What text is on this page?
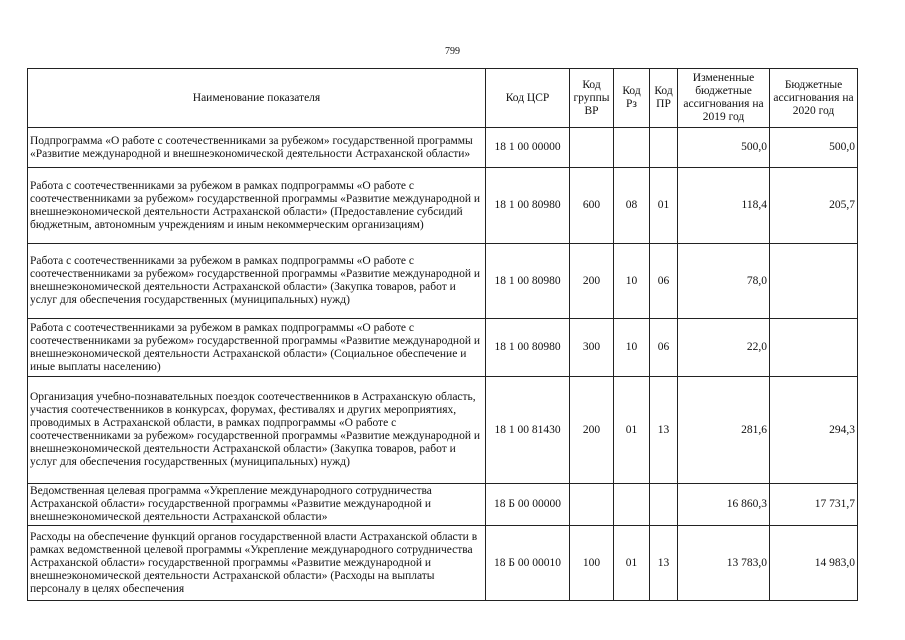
799
Наименование показателя	Код ЦСР	Код группы ВР	Код Рз	Код ПР	Измененные бюджетные ассигнования на 2019 год	Бюджетные ассигнования на 2020 год
Подпрограмма «О работе с соотечественниками за рубежом» государственной программы «Развитие международной и внешнеэкономической деятельности Астраханской области»	18 1 00 00000				500,0	500,0
Работа с соотечественниками за рубежом в рамках подпрограммы «О работе с соотечественниками за рубежом» государственной программы «Развитие международной и внешнеэкономической деятельности Астраханской области» (Предоставление субсидий бюджетным, автономным учреждениям и иным некоммерческим организациям)	18 1 00 80980	600	08	01	118,4	205,7
Работа с соотечественниками за рубежом в рамках подпрограммы «О работе с соотечественниками за рубежом» государственной программы «Развитие международной и внешнеэкономической деятельности Астраханской области» (Закупка товаров, работ и услуг для обеспечения государственных (муниципальных) нужд)	18 1 00 80980	200	10	06	78,0	
Работа с соотечественниками за рубежом в рамках подпрограммы «О работе с соотечественниками за рубежом» государственной программы «Развитие международной и внешнеэкономической деятельности Астраханской области» (Социальное обеспечение и иные выплаты населению)	18 1 00 80980	300	10	06	22,0	
Организация учебно-познавательных поездок соотечественников в Астраханскую область, участия соотечественников в конкурсах, форумах, фестивалях и других мероприятиях, проводимых в Астраханской области, в рамках подпрограммы «О работе с соотечественниками за рубежом» государственной программы «Развитие международной и внешнеэкономической деятельности Астраханской области» (Закупка товаров, работ и услуг для обеспечения государственных (муниципальных) нужд)	18 1 00 81430	200	01	13	281,6	294,3
Ведомственная целевая программа «Укрепление международного сотрудничества Астраханской области» государственной программы «Развитие международной и внешнеэкономической деятельности Астраханской области»	18 Б 00 00000				16 860,3	17 731,7
Расходы на обеспечение функций органов государственной власти Астраханской области в рамках ведомственной целевой программы «Укрепление международного сотрудничества Астраханской области» государственной программы «Развитие международной и внешнеэкономической деятельности Астраханской области» (Расходы на выплаты персоналу в целях обеспечения	18 Б 00 00010	100	01	13	13 783,0	14 983,0
